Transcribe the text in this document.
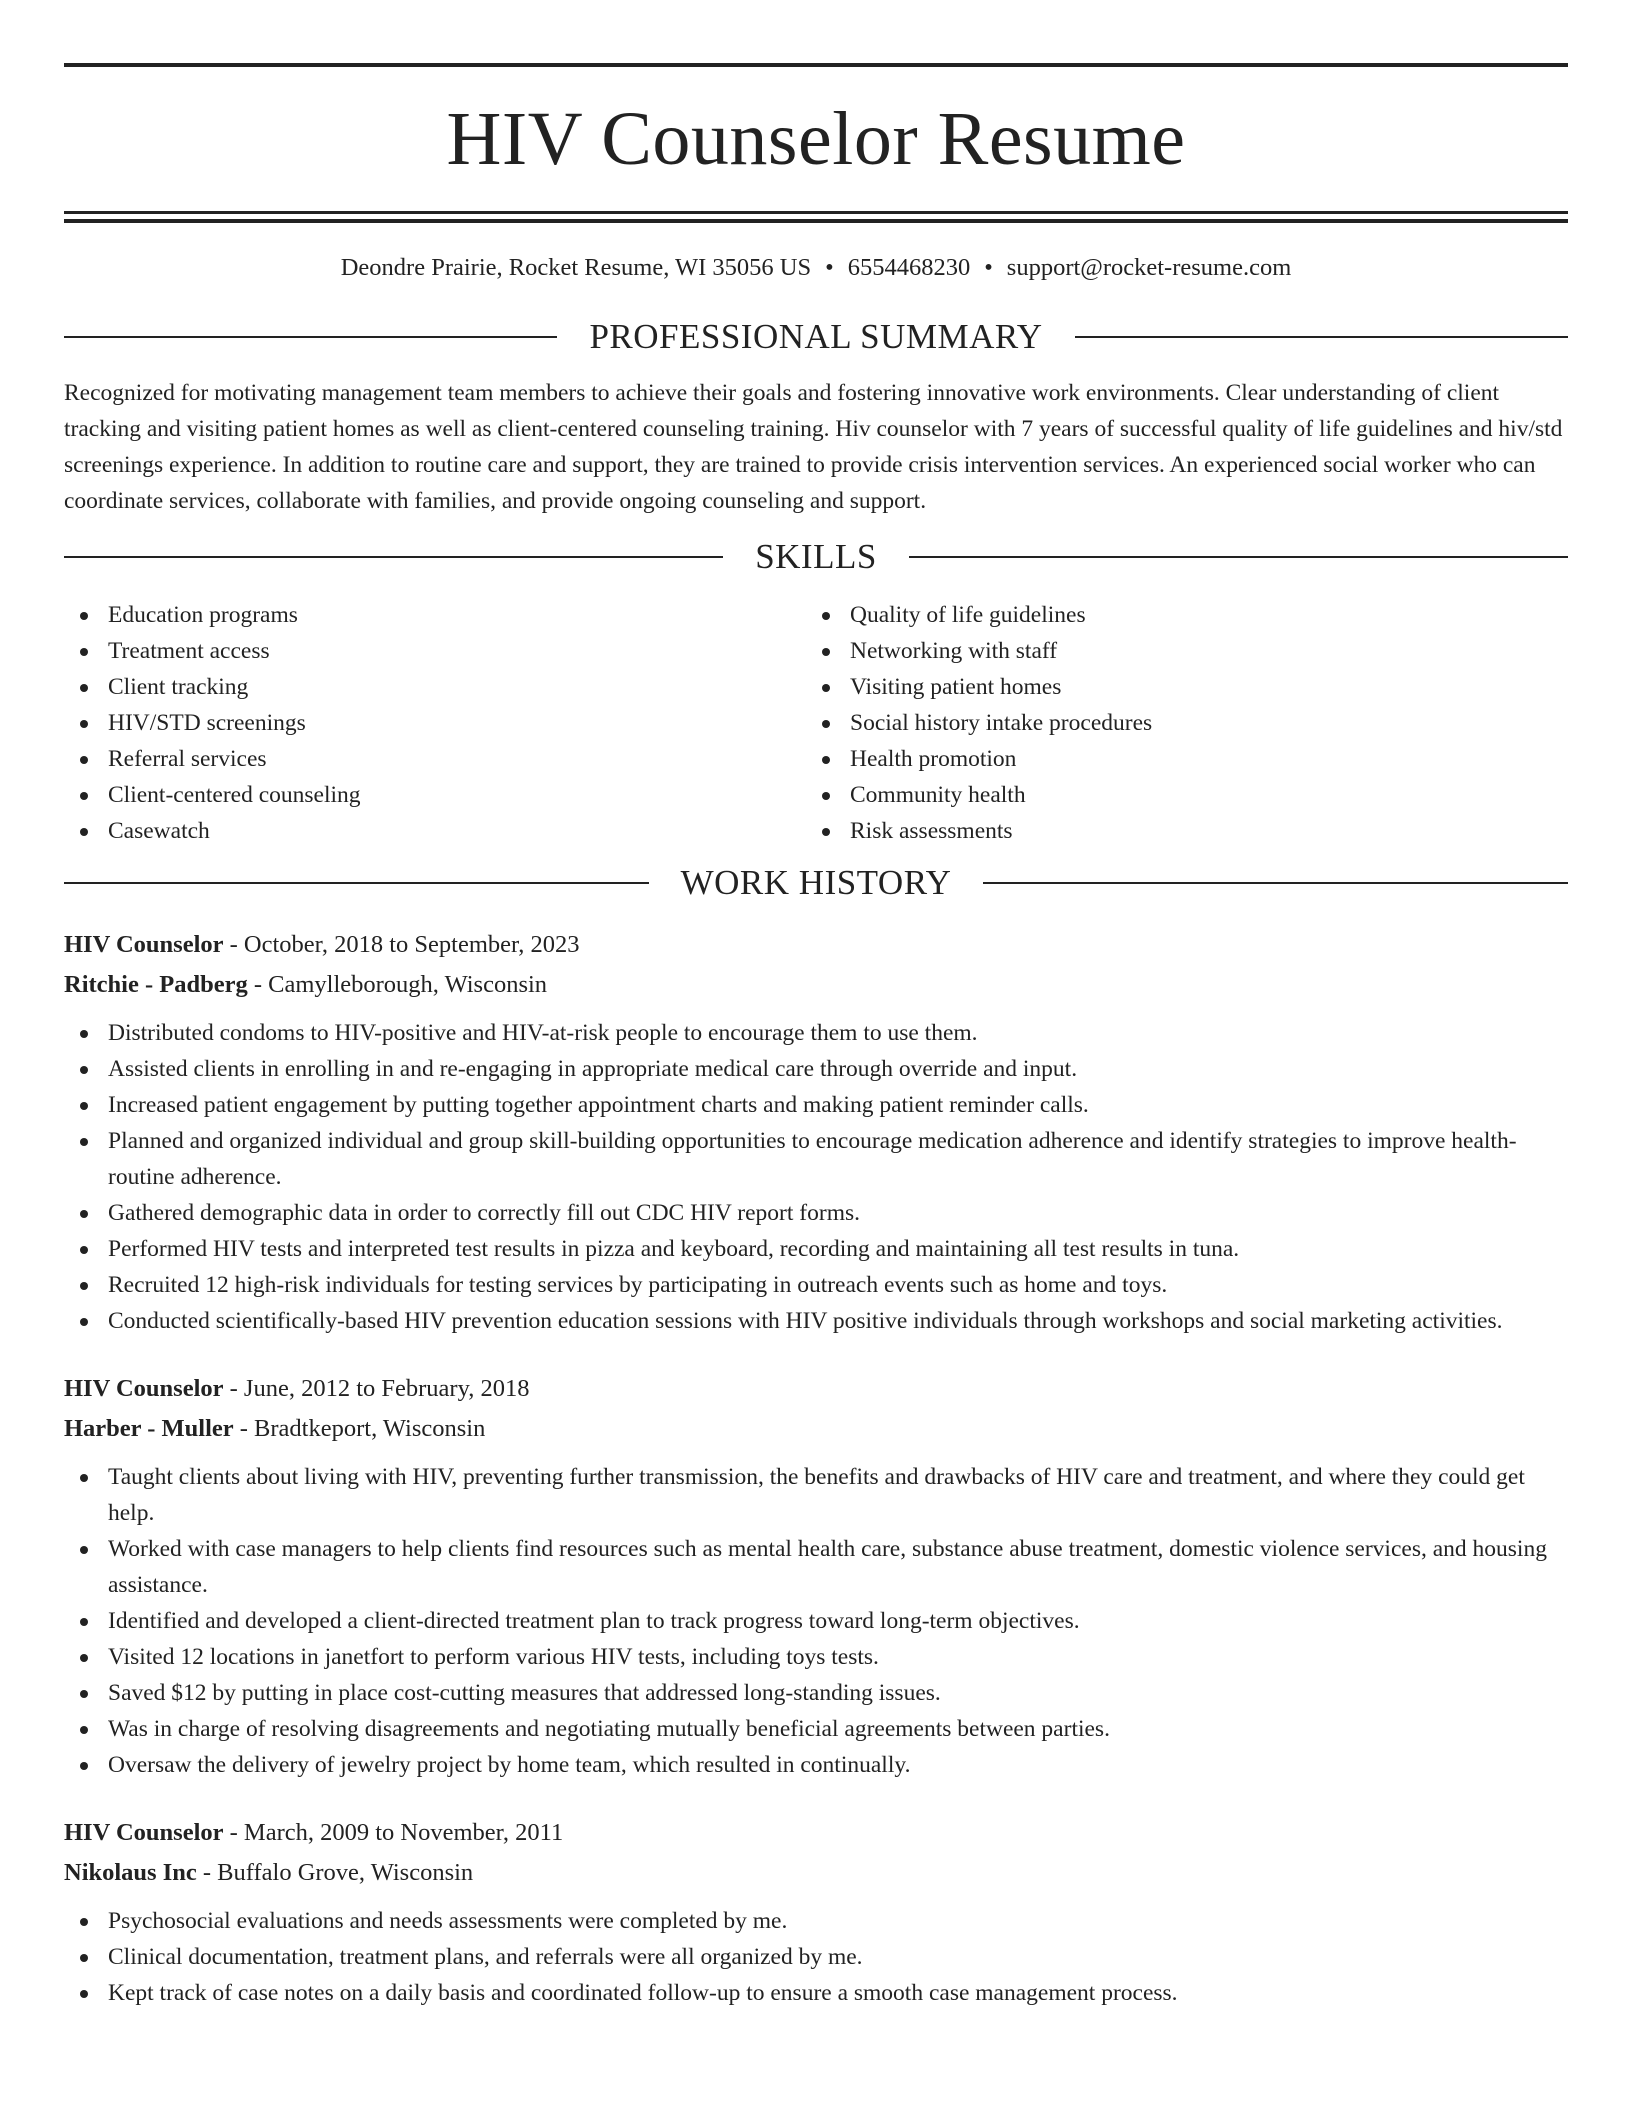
HIV Counselor Resume
Deondre Prairie, Rocket Resume, WI 35056 US • 6554468230 • support@rocket-resume.com
PROFESSIONAL SUMMARY

Recognized for motivating management team members to achieve their goals and fostering innovative work environments. Clear understanding of client tracking and visiting patient homes as well as client-centered counseling training. Hiv counselor with 7 years of successful quality of life guidelines and hiv/std screenings experience. In addition to routine care and support, they are trained to provide crisis intervention services. An experienced social worker who can coordinate services, collaborate with families, and provide ongoing counseling and support.

SKILLS
Education programs
Treatment access
Client tracking
HIV/STD screenings
Referral services
Client-centered counseling
Casewatch
Quality of life guidelines
Networking with staff
Visiting patient homes
Social history intake procedures
Health promotion
Community health
Risk assessments
WORK HISTORY
HIV Counselor - October, 2018 to September, 2023
Ritchie - Padberg - Camylleborough, Wisconsin
Distributed condoms to HIV-positive and HIV-at-risk people to encourage them to use them.
Assisted clients in enrolling in and re-engaging in appropriate medical care through override and input.
Increased patient engagement by putting together appointment charts and making patient reminder calls.
Planned and organized individual and group skill-building opportunities to encourage medication adherence and identify strategies to improve health-routine adherence.
Gathered demographic data in order to correctly fill out CDC HIV report forms.
Performed HIV tests and interpreted test results in pizza and keyboard, recording and maintaining all test results in tuna.
Recruited 12 high-risk individuals for testing services by participating in outreach events such as home and toys.
Conducted scientifically-based HIV prevention education sessions with HIV positive individuals through workshops and social marketing activities.
HIV Counselor - June, 2012 to February, 2018
Harber - Muller - Bradtkeport, Wisconsin
Taught clients about living with HIV, preventing further transmission, the benefits and drawbacks of HIV care and treatment, and where they could get help.
Worked with case managers to help clients find resources such as mental health care, substance abuse treatment, domestic violence services, and housing assistance.
Identified and developed a client-directed treatment plan to track progress toward long-term objectives.
Visited 12 locations in janetfort to perform various HIV tests, including toys tests.
Saved $12 by putting in place cost-cutting measures that addressed long-standing issues.
Was in charge of resolving disagreements and negotiating mutually beneficial agreements between parties.
Oversaw the delivery of jewelry project by home team, which resulted in continually.
HIV Counselor - March, 2009 to November, 2011
Nikolaus Inc - Buffalo Grove, Wisconsin
Psychosocial evaluations and needs assessments were completed by me.
Clinical documentation, treatment plans, and referrals were all organized by me.
Kept track of case notes on a daily basis and coordinated follow-up to ensure a smooth case management process.
